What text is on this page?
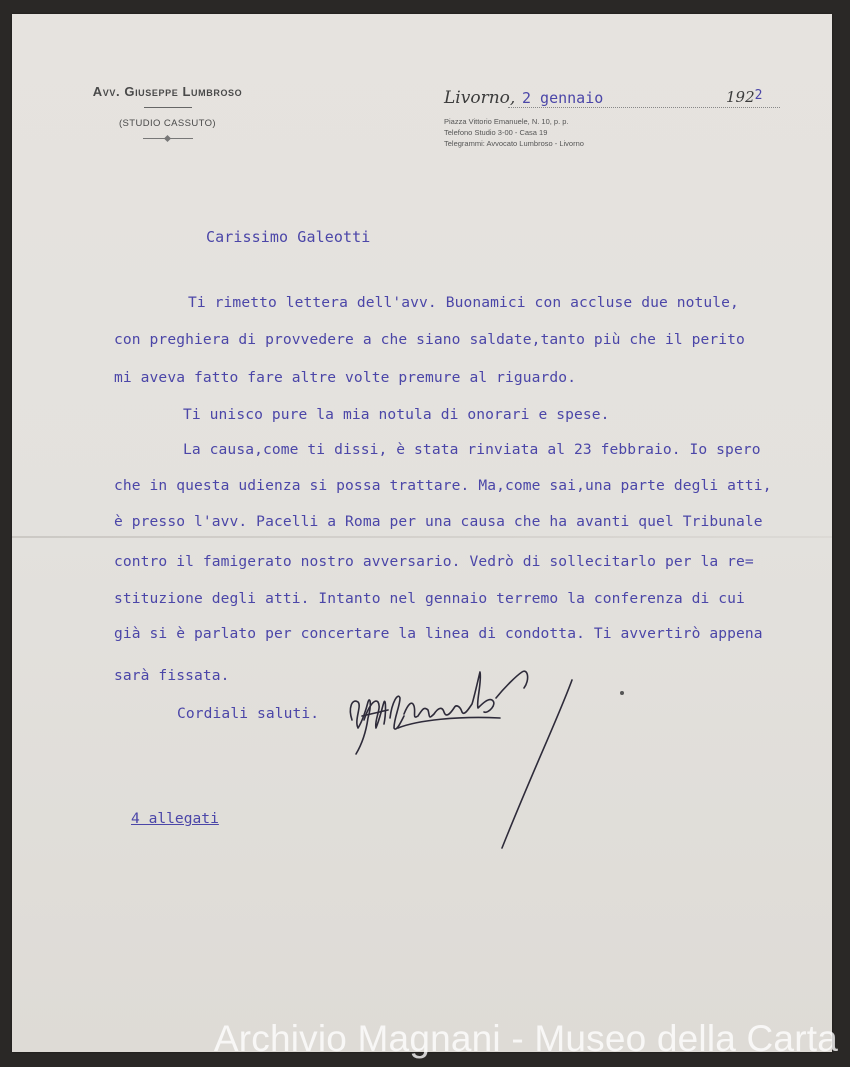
Avv. Giuseppe Lumbroso
(STUDIO CASSUTO)
Livorno, 2 gennaio	1922
Piazza Vittorio Emanuele, N. 10, p. p.
Telefono Studio 3-00 - Casa 19
Telegrammi: Avvocato Lumbroso - Livorno
Carissimo Galeotti
Ti rimetto lettera dell'avv. Buonamici con accluse due notule,
con preghiera di provvedere a che siano saldate,tanto più che il perito
mi aveva fatto fare altre volte premure al riguardo.
Ti unisco pure la mia notula di onorari e spese.
La causa,come ti dissi, è stata rinviata al 23 febbraio. Io spero
che in questa udienza si possa trattare. Ma,come sai,una parte degli atti,
è presso l'avv. Pacelli a Roma per una causa che ha avanti quel Tribunale
contro il famigerato nostro avversario. Vedrò di sollecitarlo per la re=
stituzione degli atti. Intanto nel gennaio terremo la conferenza di cui
già si è parlato per concertare la linea di condotta. Ti avvertirò appena
sarà fissata.
Cordiali saluti.
4 allegati
Archivio Magnani - Museo della Carta
